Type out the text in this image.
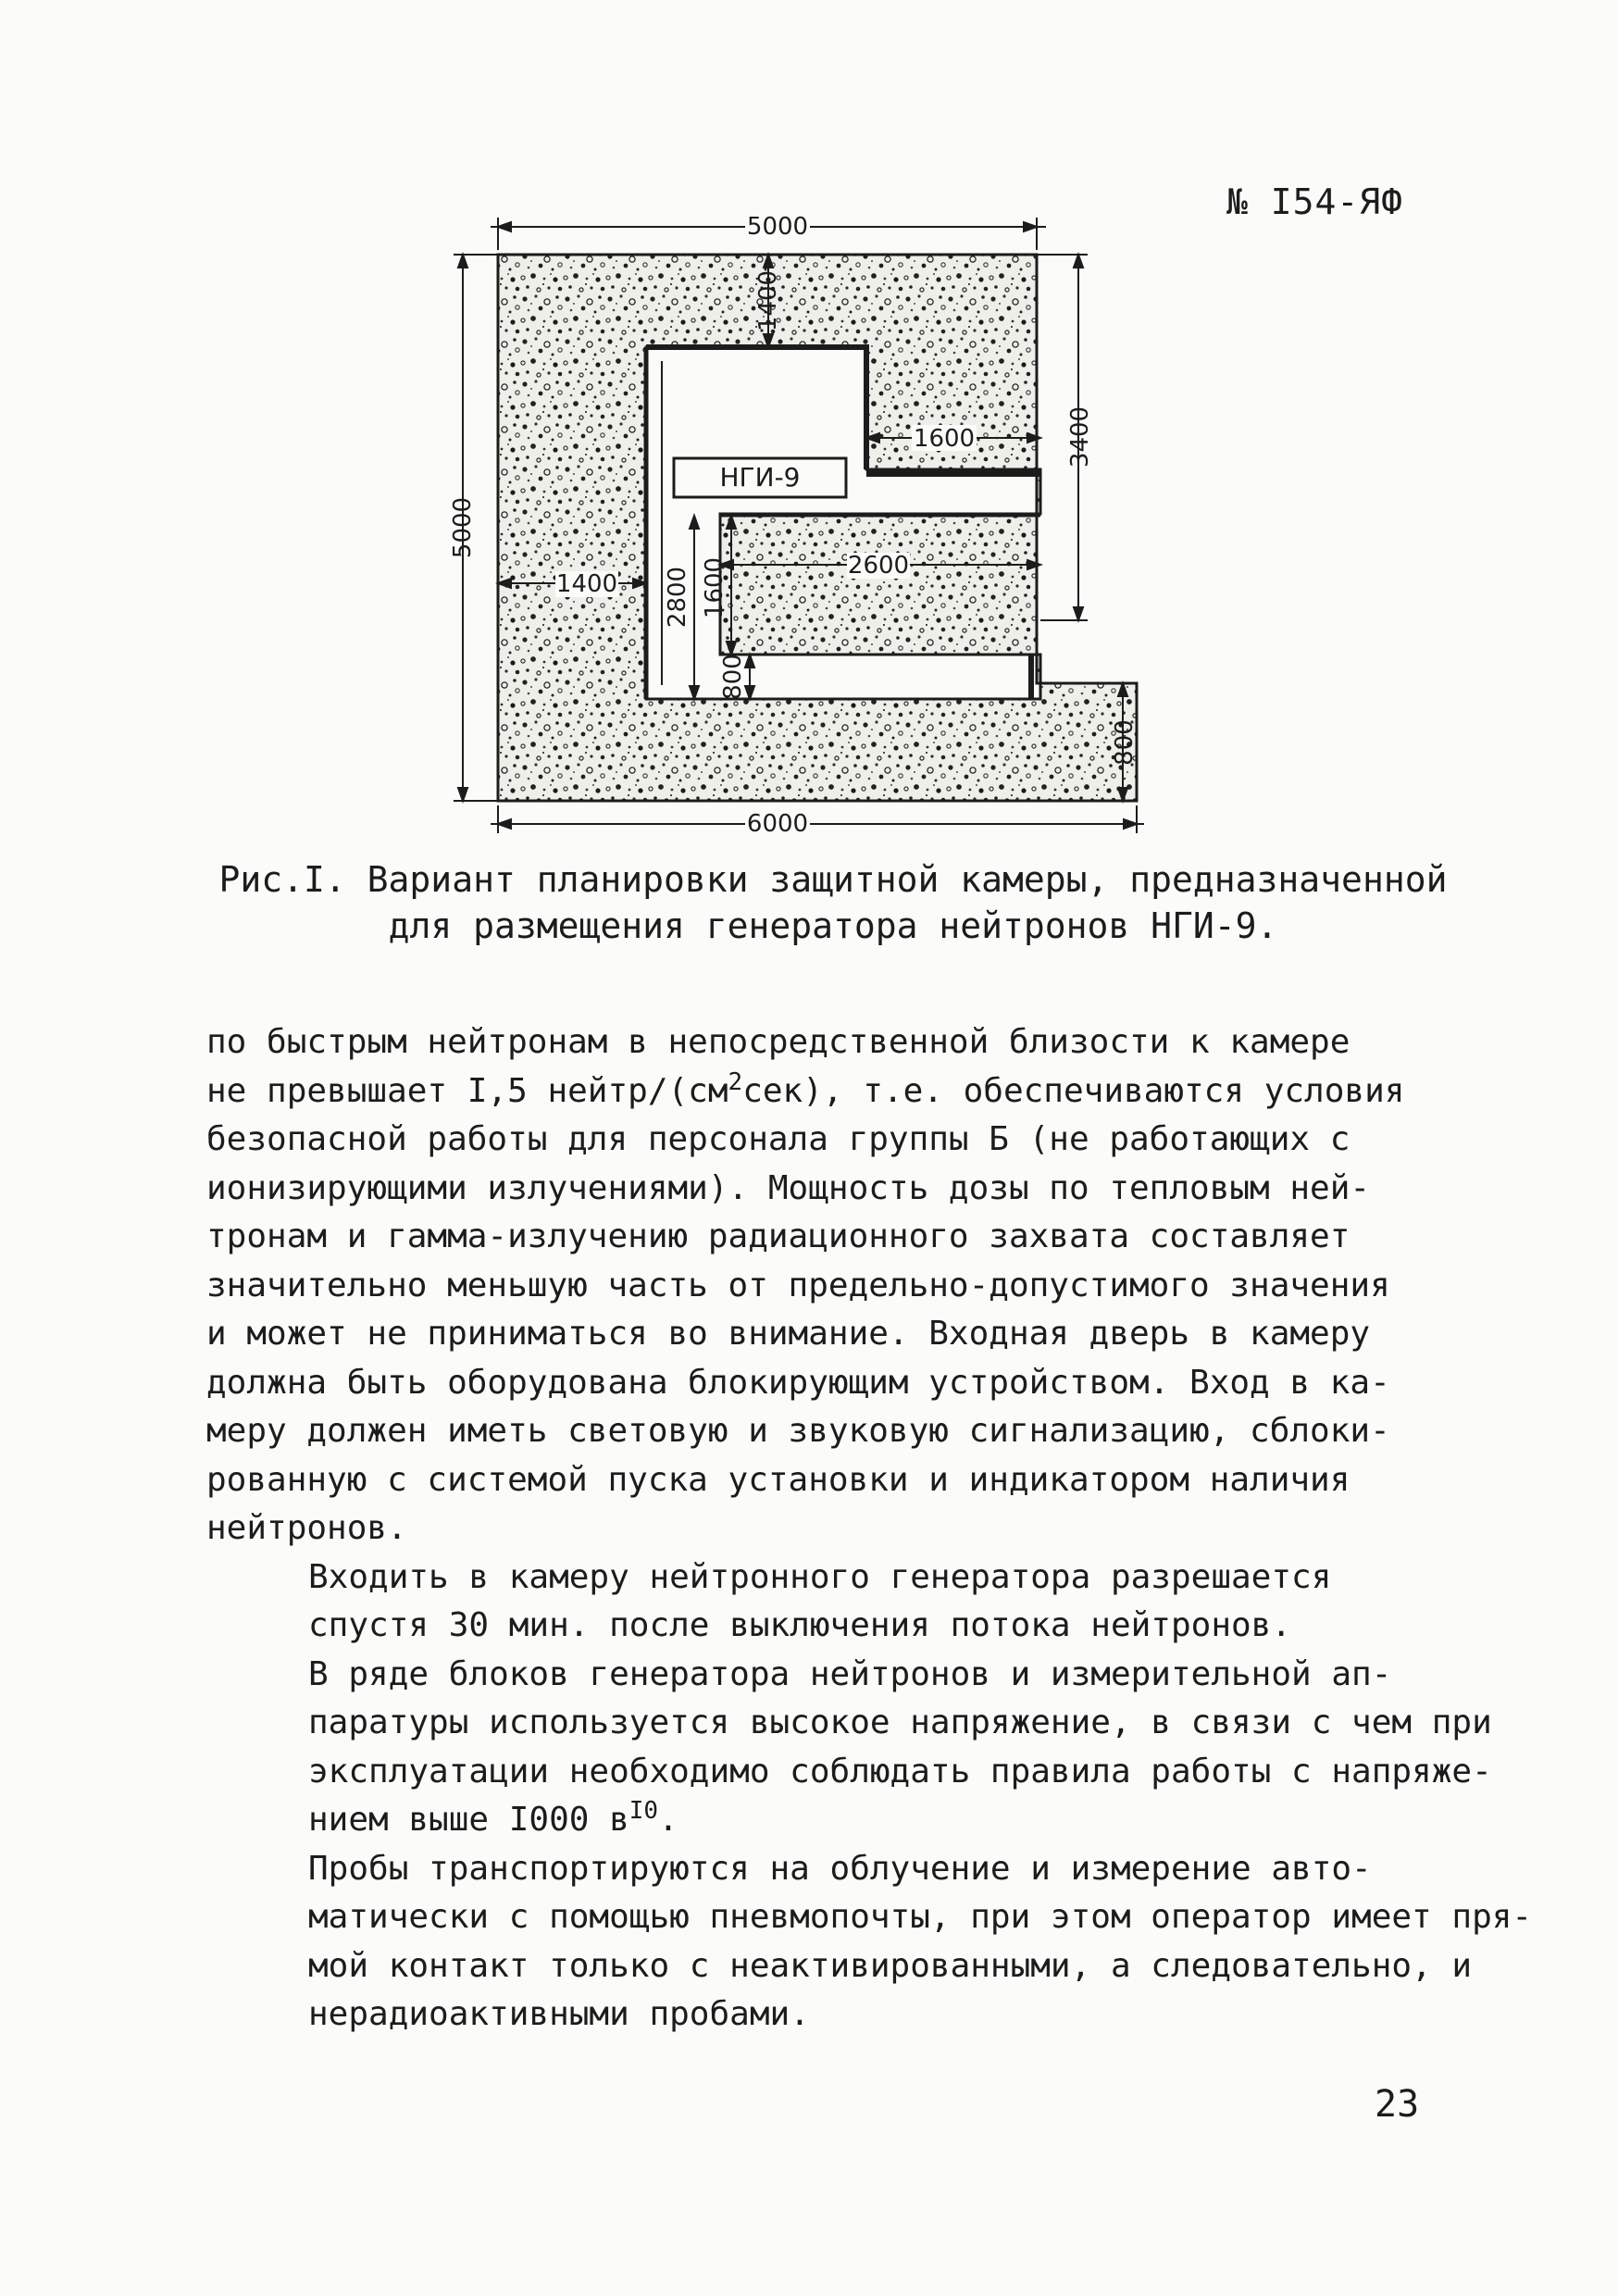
№ I54-ЯФ
НГИ-9
5000
5000
3400
6000
1400
1600
1400
2600
2800 1600
800
800
Рис.I. Вариант планировки защитной камеры, предназначенной
для размещения генератора нейтронов НГИ-9.

по быстрым нейтронам в непосредственной близости к камере
не превышает I,5 нейтр/$(см^2сек)$, т.е. обеспечиваются условия
безопасной работы для персонала группы Б (не работающих с
ионизирующими излучениями). Мощность дозы по тепловым ней-
тронам и гамма-излучению радиационного захвата составляет
значительно меньшую часть от предельно-допустимого значения
и может не приниматься во внимание. Входная дверь в камеру
должна быть оборудована блокирующим устройством. Вход в ка-
меру должен иметь световую и звуковую сигнализацию, сблоки-
рованную с системой пуска установки и индикатором наличия
нейтронов.

Входить в камеру нейтронного генератора разрешается
спустя 30 мин. после выключения потока нейтронов.

В ряде блоков генератора нейтронов и измерительной ап-
паратуры используется высокое напряжение, в связи с чем при
эксплуатации необходимо соблюдать правила работы с напряже-
нием выше I000 $в^{I0}$.

Пробы транспортируются на облучение и измерение авто-
матически с помощью пневмопочты, при этом оператор имеет пря-
мой контакт только с неактивированными, а следовательно, и
нерадиоактивными пробами.

23
